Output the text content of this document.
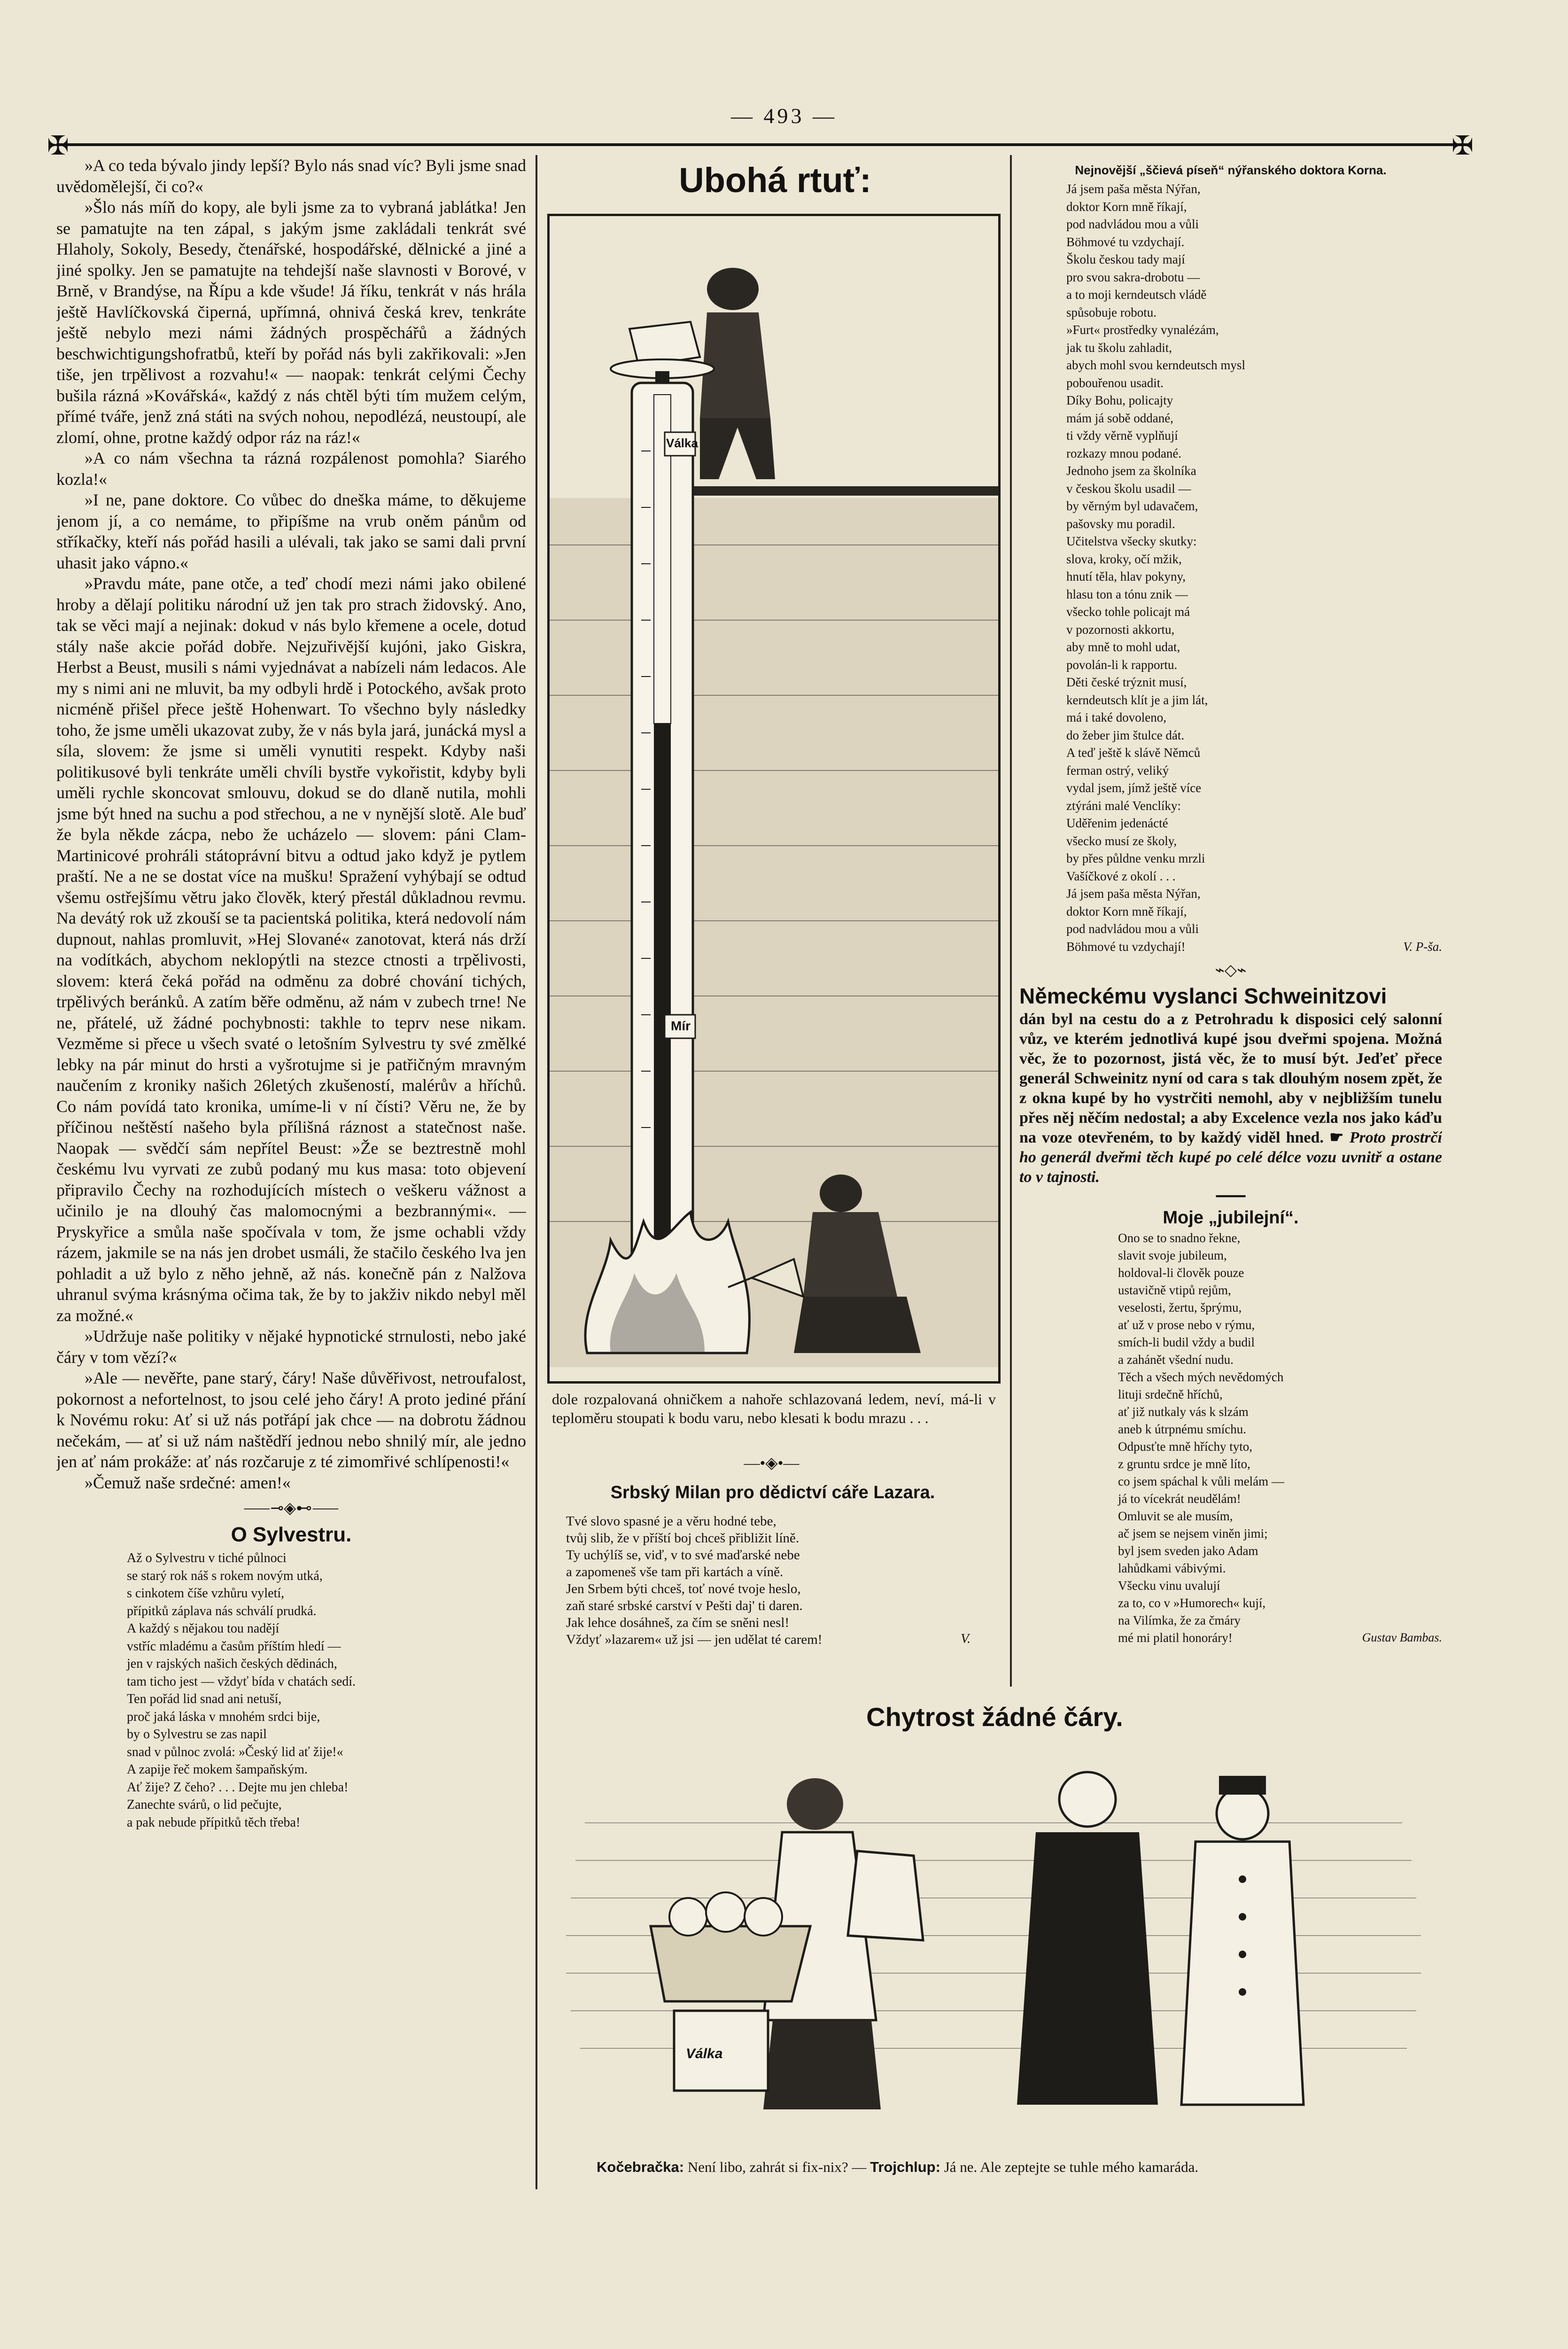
— 493 —
✠	✠

»A co teda bývalo jindy lepší? Bylo nás snad víc? Byli jsme snad uvědomělejší, či co?«

»Šlo nás míň do kopy, ale byli jsme za to vybraná jablátka! Jen se pamatujte na ten zápal, s jakým jsme zakládali tenkrát své Hlaholy, Sokoly, Besedy, čtenářské, hospodářské, dělnické a jiné a jiné spolky. Jen se pamatujte na tehdejší naše slavnosti v Borové, v Brně, v Brandýse, na Řípu a kde všude! Já říku, tenkrát v nás hrála ještě Havlíčkovská čiperná, upřímná, ohnivá česká krev, tenkráte ještě nebylo mezi námi žádných prospěchářů a žádných beschwichtigungshofratbů, kteří by pořád nás byli zakřikovali: »Jen tiše, jen trpělivost a rozvahu!« — naopak: tenkrát celými Čechy bušila rázná »Kovářská«, každý z nás chtěl býti tím mužem celým, přímé tváře, jenž zná státi na svých nohou, nepodlézá, neustoupí, ale zlomí, ohne, protne každý odpor ráz na ráz!«

»A co nám všechna ta rázná rozpálenost pomohla? Siarého kozla!«

»I ne, pane doktore. Co vůbec do dneška máme, to děkujeme jenom jí, a co nemáme, to připíšme na vrub oněm pánům od stříkačky, kteří nás pořád hasili a ulévali, tak jako se sami dali první uhasit jako vápno.«

»Pravdu máte, pane otče, a teď chodí mezi námi jako obilené hroby a dělají politiku národní už jen tak pro strach židovský. Ano, tak se věci mají a nejinak: dokud v nás bylo křemene a ocele, dotud stály naše akcie pořád dobře. Nejzuřivější kujóni, jako Giskra, Herbst a Beust, musili s námi vyjednávat a nabízeli nám ledacos. Ale my s nimi ani ne mluvit, ba my odbyli hrdě i Potockého, avšak proto nicméně přišel přece ještě Hohenwart. To všechno byly následky toho, že jsme uměli ukazovat zuby, že v nás byla jará, junácká mysl a síla, slovem: že jsme si uměli vynutiti respekt. Kdyby naši politikusové byli tenkráte uměli chvíli bystře vykořistit, kdyby byli uměli rychle skoncovat smlouvu, dokud se do dlaně nutila, mohli jsme být hned na suchu a pod střechou, a ne v nynější slotě. Ale buď že byla někde zácpa, nebo že ucházelo — slovem: páni Clam-Martinicové prohráli státoprávní bitvu a odtud jako když je pytlem praští. Ne a ne se dostat více na mušku! Spražení vyhýbají se odtud všemu ostřejšímu větru jako člověk, který přestál důkladnou revmu. Na devátý rok už zkouší se ta pacientská politika, která nedovolí nám dupnout, nahlas promluvit, »Hej Slované« zanotovat, která nás drží na vodítkách, abychom neklopýtli na stezce ctnosti a trpělivosti, slovem: která čeká pořád na odměnu za dobré chování tichých, trpělivých beránků. A zatím běře odměnu, až nám v zubech trne! Ne ne, přátelé, už žádné pochybnosti: takhle to teprv nese nikam. Vezměme si přece u všech svaté o letošním Sylvestru ty své změlké lebky na pár minut do hrsti a vyšrotujme si je patřičným mravným naučením z kroniky našich 26letých zkušeností, malérův a hříchů. Co nám povídá tato kronika, umíme-li v ní čísti? Věru ne, že by příčinou neštěstí našeho byla přílišná ráznost a statečnost naše. Naopak — svědčí sám nepřítel Beust: »Že se beztrestně mohl českému lvu vyrvati ze zubů podaný mu kus masa: toto objevení připravilo Čechy na rozhodujících místech o veškeru vážnost a učinilo je na dlouhý čas malomocnými a bezbrannými«. — Pryskyřice a smůla naše spočívala v tom, že jsme ochabli vždy rázem, jakmile se na nás jen drobet usmáli, že stačilo českého lva jen pohladit a už bylo z něho jehně, až nás. konečně pán z Nalžova uhranul svýma krásnýma očima tak, že by to jakživ nikdo nebyl měl za možné.«

»Udržuje naše politiky v nějaké hypnotické strnulosti, nebo jaké čáry v tom vězí?«

»Ale — nevěřte, pane starý, čáry! Naše důvěřivost, netroufalost, pokornost a nefortelnost, to jsou celé jeho čáry! A proto jediné přání k Novému roku: Ať si už nás potřápí jak chce — na dobrotu žádnou nečekám, — ať si už nám naštědří jednou nebo shnilý mír, ale jedno jen ať nám prokáže: ať nás rozčaruje z té zimomřivé schlípenosti!«

»Čemuž naše srdečné: amen!«

⸺⊸◈⊷⸺
O Sylvestru.
Až o Sylvestru v tiché půlnoci
se starý rok náš s rokem novým utká,
s cinkotem číše vzhůru vyletí,
přípitků záplava nás schválí prudká.
A každý s nějakou tou nadějí
vstříc mladému a časům příštím hledí —
jen v rajských našich českých dědinách,
tam ticho jest — vždyť bída v chatách sedí.
Ten pořád lid snad ani netuší,
proč jaká láska v mnohém srdci bije,
by o Sylvestru se zas napil
snad v půlnoc zvolá: »Český lid ať žije!«
A zapije řeč mokem šampaňským.
Ať žije? Z čeho? . . . Dejte mu jen chleba!
Zanechte svárů, o lid pečujte,
a pak nebude přípitků těch třeba!
Ubohá rtuť:
Válka
Mír
dole rozpalovaná ohničkem a nahoře schlazovaná ledem, neví, má-li v teploměru stoupati k bodu varu, nebo klesati k bodu mrazu . . .
—•◈•—
Srbský Milan pro dědictví cáře Lazara.
Tvé slovo spasné je a věru hodné tebe,
tvůj slib, že v příští boj chceš přibližit líně.
Ty uchýlíš se, viď, v to své maďarské nebe
a zapomeneš vše tam při kartách a víně.
Jen Srbem býti chceš, toť nové tvoje heslo,
zaň staré srbské carství v Pešti daj' ti daren.
Jak lehce dosáhneš, za čím se sněni nesl!
Vždyť »lazarem« už jsi — jen udělat té carem!	V.
Nejnovější „ščievá píseň“ nýřanského doktora Korna.
Já jsem paša města Nýřan,
doktor Korn mně říkají,
pod nadvládou mou a vůli
Böhmové tu vzdychají.
Školu českou tady mají
pro svou sakra-drobotu —
a to moji kerndeutsch vládě
spůsobuje robotu.
»Furt« prostředky vynalézám,
jak tu školu zahladit,
abych mohl svou kerndeutsch mysl
pobouřenou usadit.
Díky Bohu, policajty
mám já sobě oddané,
ti vždy věrně vyplňují
rozkazy mnou podané.
Jednoho jsem za školníka
v českou školu usadil —
by věrným byl udavačem,
pašovsky mu poradil.
Učitelstva všecky skutky:
slova, kroky, očí mžik,
hnutí těla, hlav pokyny,
hlasu ton a tónu znik —
všecko tohle policajt má
v pozornosti akkortu,
aby mně to mohl udat,
povolán-li k rapportu.
Děti české trýznit musí,
kerndeutsch klít je a jim lát,
má i také dovoleno,
do žeber jim štulce dát.
A teď ještě k slávě Němců
ferman ostrý, veliký
vydal jsem, jímž ještě více
ztýráni malé Venclíky:
Uděřenim jedenácté
všecko musí ze školy,
by přes půldne venku mrzli
Vašíčkové z okolí . . .
Já jsem paša města Nýřan,
doktor Korn mně říkají,
pod nadvládou mou a vůli
Böhmové tu vzdychají!	V. P-ša.
⌁◇⌁
Německému vyslanci Schweinitzovi

dán byl na cestu do a z Petrohradu k disposici celý salonní vůz, ve kterém jednotlivá kupé jsou dveřmi spojena. Možná věc, že to pozornost, jistá věc, že to musí být. Jeďeť přece generál Schweinitz nyní od cara s tak dlouhým nosem zpět, že z okna kupé by ho vystrčiti nemohl, aby v nejbližším tunelu přes něj něčím nedostal; a aby Excelence vezla nos jako káďu na voze otevřeném, to by každý viděl hned. ☛ Proto prostrčí ho generál dveřmi těch kupé po celé délce vozu uvnitř a ostane to v tajnosti.

━━━━
Moje „jubilejní“.
Ono se to snadno řekne,
slavit svoje jubileum,
holdoval-li člověk pouze
ustavičně vtipů rejům,
veselosti, žertu, šprýmu,
ať už v prose nebo v rýmu,
smích-li budil vždy a budil
a zahánět všední nudu.
Těch a všech mých nevědomých
lituji srdečně hříchů,
ať již nutkaly vás k slzám
aneb k útrpnému smíchu.
Odpusťte mně hříchy tyto,
z gruntu srdce je mně líto,
co jsem spáchal k vůli melám —
já to vícekrát neudělám!
Omluvit se ale musím,
ač jsem se nejsem viněn jimi;
byl jsem sveden jako Adam
lahůdkami vábivými.
Všecku vinu uvalují
za to, co v »Humorech« kují,
na Vilímka, že za čmáry
mé mi platil honoráry!	Gustav Bambas.
Chytrost žádné čáry.
Válka
Kočebračka: Není libo, zahrát si fix-nix? — Trojchlup: Já ne. Ale zeptejte se tuhle mého kamaráda.
